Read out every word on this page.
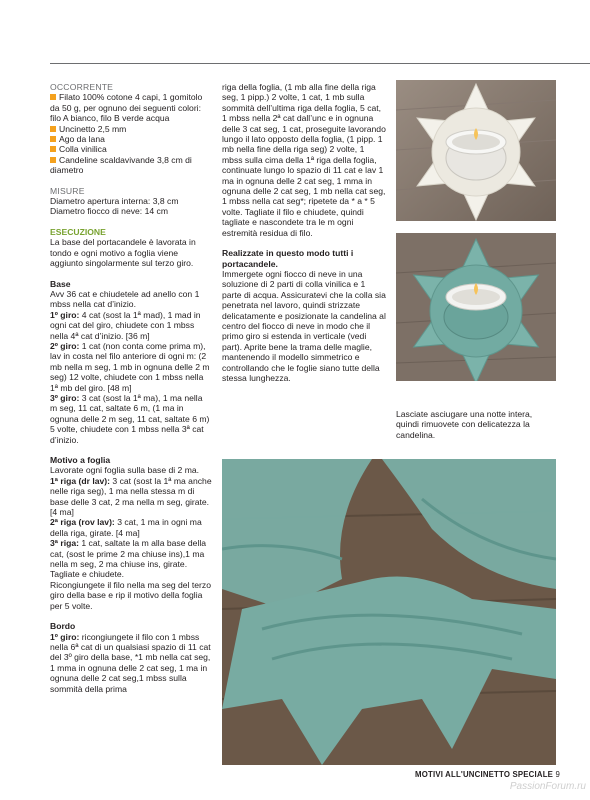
OCCORRENTE
Filato 100% cotone 4 capi, 1 gomitolo da 50 g, per ognuno dei seguenti colori: filo A bianco, filo B verde acqua
Uncinetto 2,5 mm
Ago da lana
Colla vinilica
Candeline scaldavivande 3,8 cm di diametro
MISURE
Diametro apertura interna: 3,8 cm
Diametro fiocco di neve: 14 cm
ESECUZIONE
La base del portacandele è lavorata in tondo e ogni motivo a foglia viene aggiunto singolarmente sul terzo giro.
Base
Avv 36 cat e chiudetele ad anello con 1 mbss nella cat d’inizio.
1º giro: 4 cat (sost la 1ª mad), 1 mad in ogni cat del giro, chiudete con 1 mbss nella 4ª cat d’inizio. [36 m]
2º giro: 1 cat (non conta come prima m), lav in costa nel filo anteriore di ogni m: (2 mb nella m seg, 1 mb in ognuna delle 2 m seg) 12 volte, chiudete con 1 mbss nella 1ª mb del giro. [48 m]
3º giro: 3 cat (sost la 1ª ma), 1 ma nella m seg, 11 cat, saltate 6 m, (1 ma in ognuna delle 2 m seg, 11 cat, saltate 6 m) 5 volte, chiudete con 1 mbss nella 3ª cat d’inizio.
Motivo a foglia
Lavorate ogni foglia sulla base di 2 ma.
1ª riga (dr lav): 3 cat (sost la 1ª ma anche nelle riga seg), 1 ma nella stessa m di base delle 3 cat, 2 ma nella m seg, girate. [4 ma]
2ª riga (rov lav): 3 cat, 1 ma in ogni ma della riga, girate. [4 ma]
3ª riga: 1 cat, saltate la m alla base della cat, (sost le prime 2 ma chiuse ins),1 ma nella m seg, 2 ma chiuse ins, girate. Tagliate e chiudete.
Ricongiungete il filo nella ma seg del terzo giro della base e rip il motivo della foglia per 5 volte.
Bordo
1º giro: ricongiungete il filo con 1 mbss nella 6ª cat di un qualsiasi spazio di 11 cat del 3º giro della base, *1 mb nella cat seg, 1 mma in ognuna delle 2 cat seg, 1 ma in ognuna delle 2 cat seg,1 mbss sulla sommità della prima
riga della foglia, (1 mb alla fine della riga seg, 1 pipp.) 2 volte, 1 cat, 1 mb sulla sommità dell’ultima riga della foglia, 5 cat, 1 mbss nella 2ª cat dall’unc e in ognuna delle 3 cat seg, 1 cat, proseguite lavorando lungo il lato opposto della foglia, (1 pipp. 1 mb nella fine della riga seg) 2 volte, 1 mbss sulla cima della 1ª riga della foglia, continuate lungo lo spazio di 11 cat e lav 1 ma in ognuna delle 2 cat seg, 1 mma in ognuna delle 2 cat seg, 1 mb nella cat seg, 1 mbss nella cat seg*; ripetete da * a * 5 volte. Tagliate il filo e chiudete, quindi tagliate e nascondete tra le m ogni estremità residua di filo.
Realizzate in questo modo tutti i portacandele.
Immergete ogni fiocco di neve in una soluzione di 2 parti di colla vinilica e 1 parte di acqua. Assicuratevi che la colla sia penetrata nel lavoro, quindi strizzate delicatamente e posizionate la candelina al centro del fiocco di neve in modo che il primo giro si estenda in verticale (vedi part). Aprite bene la trama delle maglie, mantenendo il modello simmetrico e controllando che le foglie siano tutte della stessa lunghezza.
Lasciate asciugare una notte intera, quindi rimuovete con delicatezza la candelina.
MOTIVI ALL'UNCINETTO SPECIALE 9
PassionForum.ru
